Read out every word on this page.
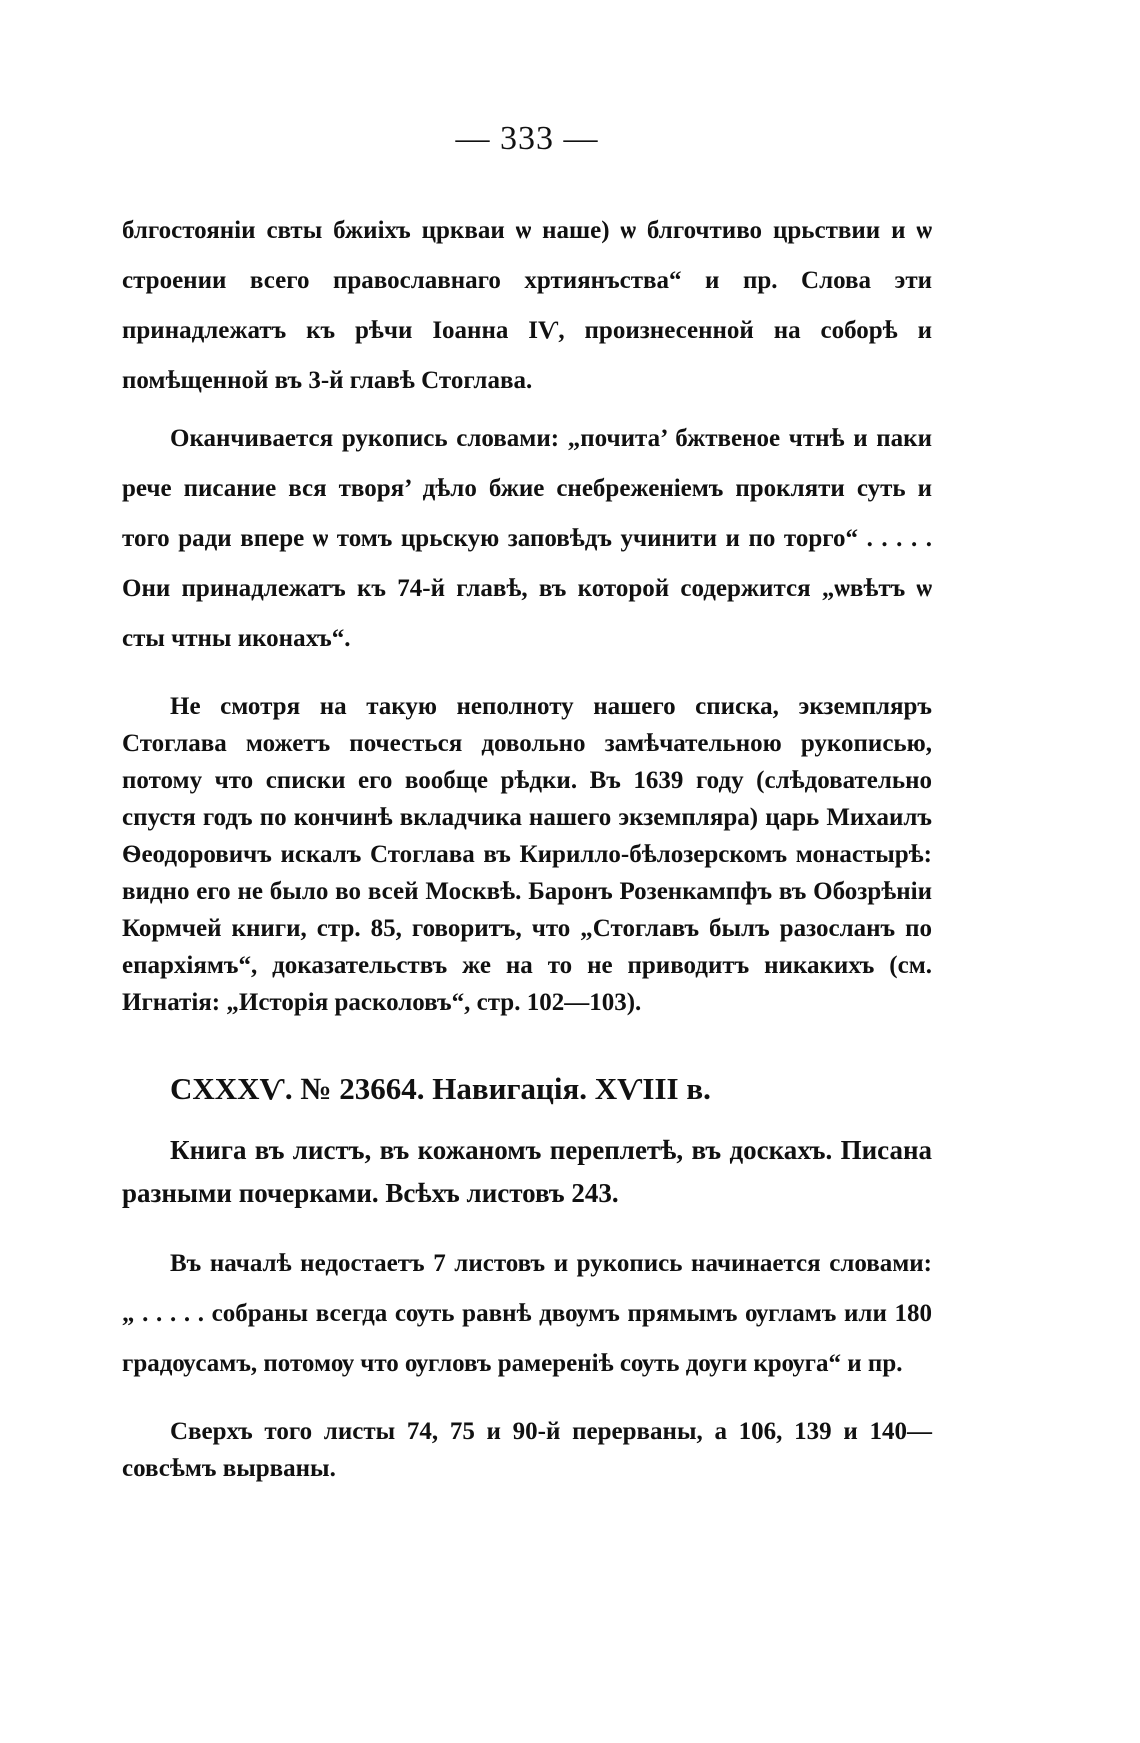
— 333 —

блгостоянiи свты бжиiхъ цркваи ѡ наше) ѡ блгочтиво црьствии и ѡ строении всего православнаго хртиянъства“ и пр. Слова эти принадлежатъ къ рѣчи Іоанна IѴ, произнесенной на соборѣ и помѣщенной въ 3-й главѣ Стоглава.

Оканчивается рукопись словами: „почита’ бжтвеное чтнѣ и паки рече писание вся творя’ дѣло бжие снебреженiемъ прокляти суть и того ради впере ѡ томъ црьскую заповѣдъ учинити и по торго“ . . . . . Они принадлежатъ къ 74-й главѣ, въ которой содержится „ѡвѣтъ ѡ сты чтны иконахъ“.

Не смотря на такую неполноту нашего списка, экземпляръ Стоглава можетъ почесться довольно замѣчательною рукописью, потому что списки его вообще рѣдки. Въ 1639 году (слѣдовательно спустя годъ по кончинѣ вкладчика нашего экземпляра) царь Михаилъ Ѳеодоровичъ искалъ Стоглава въ Кирилло-бѣлозерскомъ монастырѣ: видно его не было во всей Москвѣ. Баронъ Розенкампфъ въ Обозрѣнiи Кормчей книги, стр. 85, говоритъ, что „Стоглавъ былъ разосланъ по епархiямъ“, доказательствъ же на то не приводитъ никакихъ (см. Игнатiя: „Исторiя расколовъ“, стр. 102—103).

CXXXѴ. № 23664. Навигацiя. XѴIII в.

Книга въ листъ, въ кожаномъ переплетѣ, въ доскахъ. Писана разными почерками. Всѣхъ листовъ 243.

Въ началѣ недостаетъ 7 листовъ и рукопись начинается словами: „ . . . . . собраны всегда сѹть равнѣ двѹмъ прямымъ ѹгламъ или 180 градѹсамъ, потомѹ что ѹгловъ рамеренiѣ сѹть дѹги крѹга“ и пр.

Сверхъ того листы 74, 75 и 90-й перерваны, а 106, 139 и 140—совсѣмъ вырваны.
